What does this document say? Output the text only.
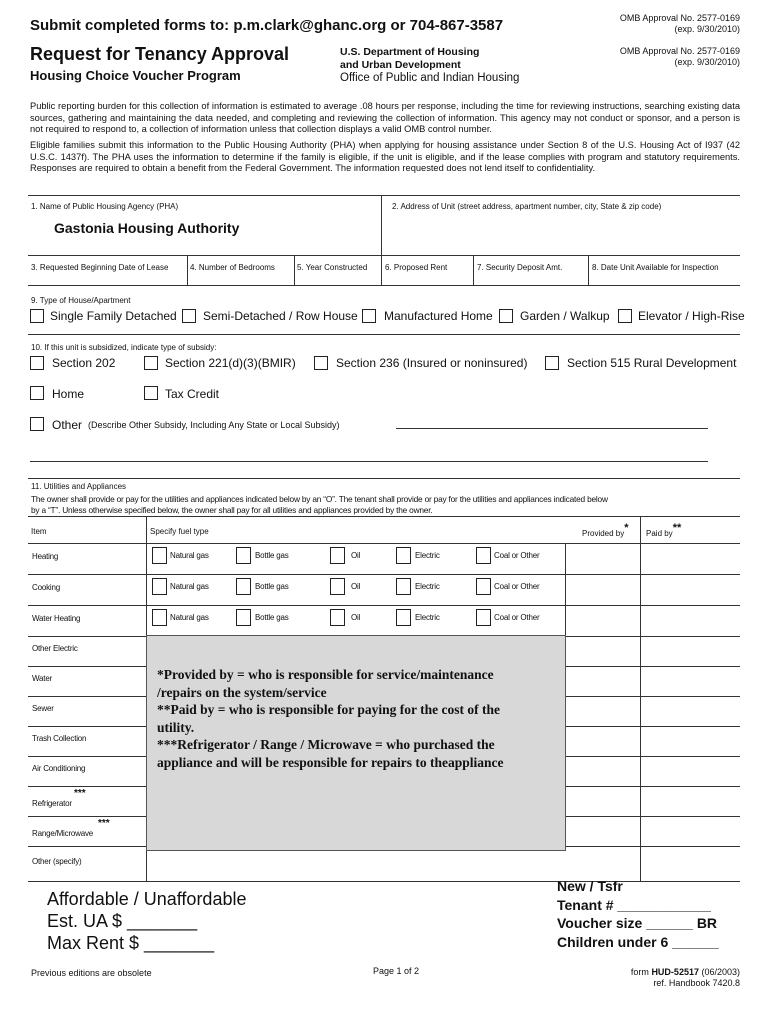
Submit completed forms to: p.m.clark@ghanc.org or 704-867-3587	OMB Approval No. 2577-0169
(exp. 9/30/2010)
Request for Tenancy Approval
Housing Choice Voucher Program
U.S. Department of Housing
and Urban Development
Office of Public and Indian Housing
OMB Approval No. 2577-0169
(exp. 9/30/2010)
Public reporting burden for this collection of information is estimated to average .08 hours per response, including the time for reviewing instructions, searching existing data sources, gathering and maintaining the data needed, and completing and reviewing the collection of information. This agency may not conduct or sponsor, and a person is not required to respond to, a collection of information unless that collection displays a valid OMB control number.
Eligible families submit this information to the Public Housing Authority (PHA) when applying for housing assistance under Section 8 of the U.S. Housing Act of I937 (42 U.S.C. 1437f). The PHA uses the information to determine if the family is eligible, if the unit is eligible, and if the lease complies with program and statutory requirements. Responses are required to obtain a benefit from the Federal Government. The information requested does not lend itself to confidentiality.
1. Name of Public Housing Agency (PHA)
Gastonia Housing Authority
2. Address of Unit (street address, apartment number, city, State & zip code)
3. Requested Beginning Date of Lease	4. Number of Bedrooms	5. Year Constructed 6. Proposed Rent	7. Security Deposit Amt.	8. Date Unit Available for Inspection
9. Type of House/Apartment
Single Family Detached Semi-Detached / Row House Manufactured Home Garden / Walkup Elevator / High-Rise
10. If this unit is subsidized, indicate type of subsidy:
Section 202	Section 221(d)(3)(BMIR)	Section 236 (Insured or noninsured)	Section 515 Rural Development
Home	Tax Credit
Other (Describe Other Subsidy, Including Any State or Local Subsidy)
11. Utilities and Appliances
The owner shall provide or pay for the utilities and appliances indicated below by an “O”. The tenant shall provide or pay for the utilities and appliances indicated below
by a “T”. Unless otherwise specified below, the owner shall pay for all utilities and appliances provided by the owner.
Item	Specify fuel type	Provided by* Paid by**
Heating	Natural gas	Bottle gas	Oil	Electric	Coal or Other
Cooking	Natural gas	Bottle gas	Oil	Electric	Coal or Other
Water Heating	Natural gas	Bottle gas	Oil	Electric	Coal or Other
Other Electric
Water
Sewer
Trash Collection
Air Conditioning
Refrigerator
***
Range/Microwave
***
Other (specify)
*Provided by = who is responsible for service/maintenance
/repairs on the system/service
**Paid by = who is responsible for paying for the cost of the
utility.
***Refrigerator / Range / Microwave = who purchased the
appliance and will be responsible for repairs to theappliance
Affordable / Unaffordable
Est. UA $ _______
Max Rent $ _______
New / Tsfr
Tenant # ____________
Voucher size ______ BR
Children under 6 ______
Previous editions are obsolete	Page 1 of 2	form HUD-52517 (06/2003)
ref. Handbook 7420.8
